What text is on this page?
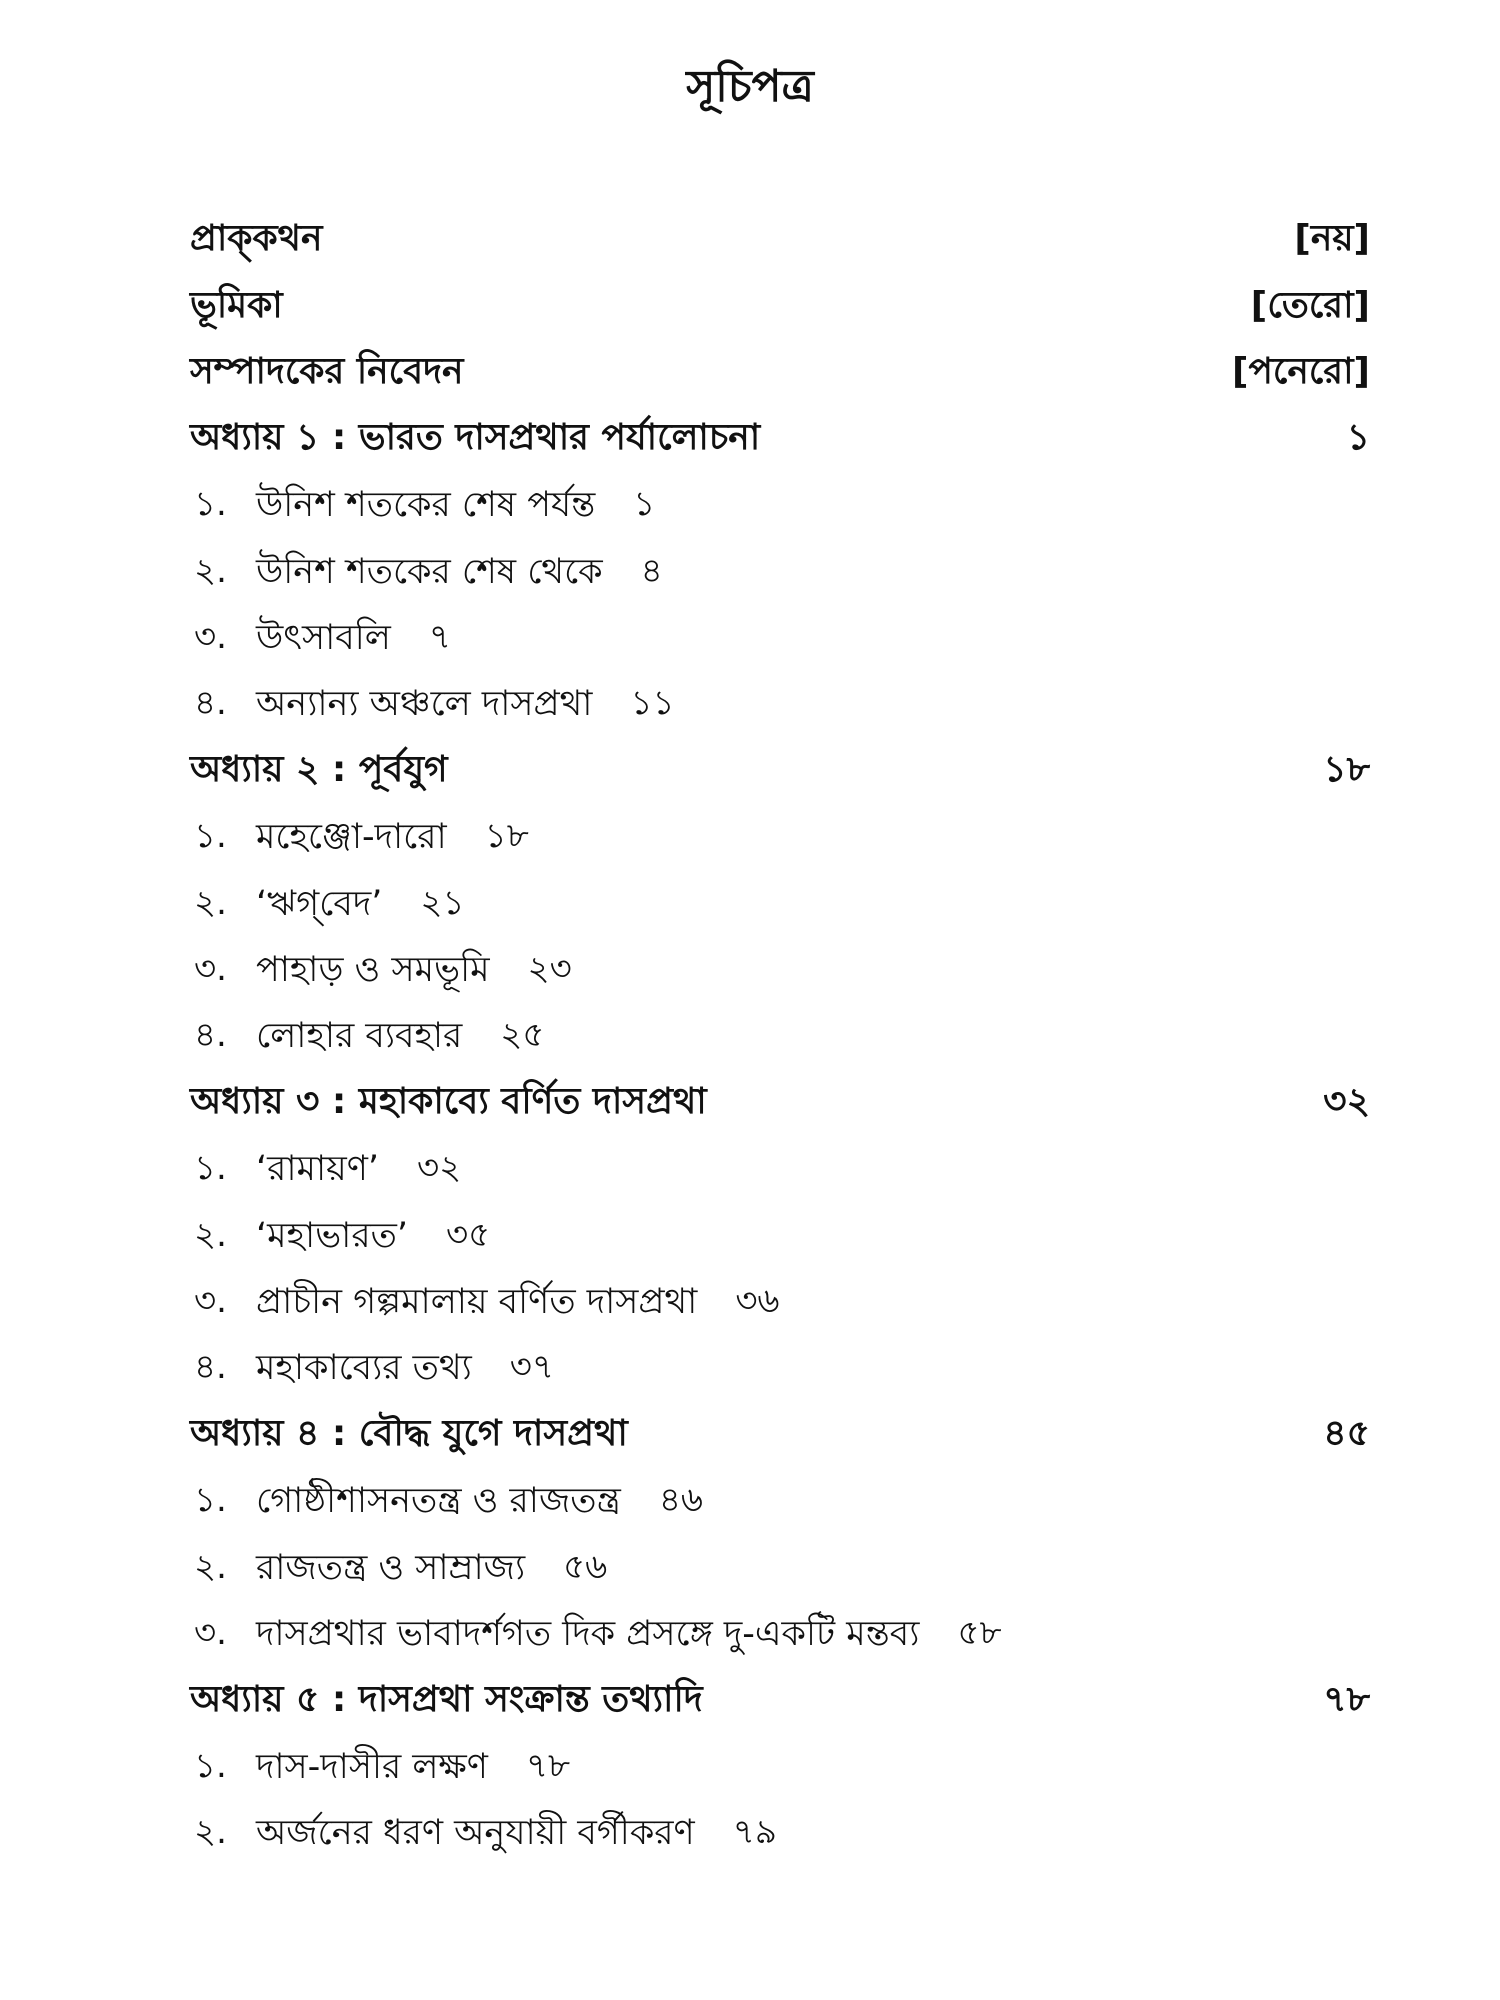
সূচিপত্র
প্রাক্‌কথন	[নয়]
ভূমিকা	[তেরো]
সম্পাদকের নিবেদন	[পনেরো]
অধ্যায় ১ : ভারত দাসপ্রথার পর্যালোচনা	১
১. উনিশ শতকের শেষ পর্যন্ত ১
২. উনিশ শতকের শেষ থেকে ৪
৩. উৎসাবলি ৭
৪. অন্যান্য অঞ্চলে দাসপ্রথা ১১
অধ্যায় ২ : পূর্বযুগ	১৮
১. মহেঞ্জো-দারো ১৮
২. ‘ঋগ্‌বেদ’ ২১
৩. পাহাড় ও সমভূমি ২৩
৪. লোহার ব্যবহার ২৫
অধ্যায় ৩ : মহাকাব্যে বর্ণিত দাসপ্রথা	৩২
১. ‘রামায়ণ’ ৩২
২. ‘মহাভারত’ ৩৫
৩. প্রাচীন গল্পমালায় বর্ণিত দাসপ্রথা ৩৬
৪. মহাকাব্যের তথ্য ৩৭
অধ্যায় ৪ : বৌদ্ধ যুগে দাসপ্রথা	৪৫
১. গোষ্ঠীশাসনতন্ত্র ও রাজতন্ত্র ৪৬
২. রাজতন্ত্র ও সাম্রাজ্য ৫৬
৩. দাসপ্রথার ভাবাদর্শগত দিক প্রসঙ্গে দু-একটি মন্তব্য ৫৮
অধ্যায় ৫ : দাসপ্রথা সংক্রান্ত তথ্যাদি	৭৮
১. দাস-দাসীর লক্ষণ ৭৮
২. অর্জনের ধরণ অনুযায়ী বর্গীকরণ ৭৯
